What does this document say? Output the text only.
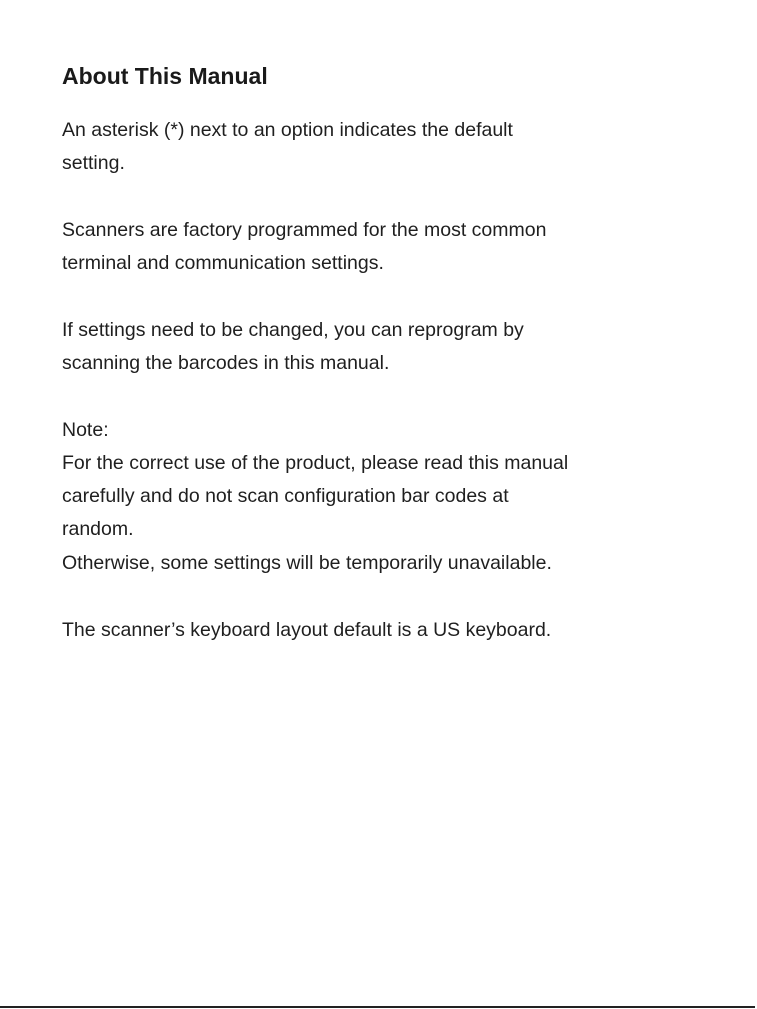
About This Manual

An asterisk (*) next to an option indicates the default

setting.

Scanners are factory programmed for the most common

terminal and communication settings.

If settings need to be changed, you can reprogram by

scanning the barcodes in this manual.

Note:

For the correct use of the product, please read this manual

carefully and do not scan configuration bar codes at

random.

Otherwise, some settings will be temporarily unavailable.

The scanner’s keyboard layout default is a US keyboard.
